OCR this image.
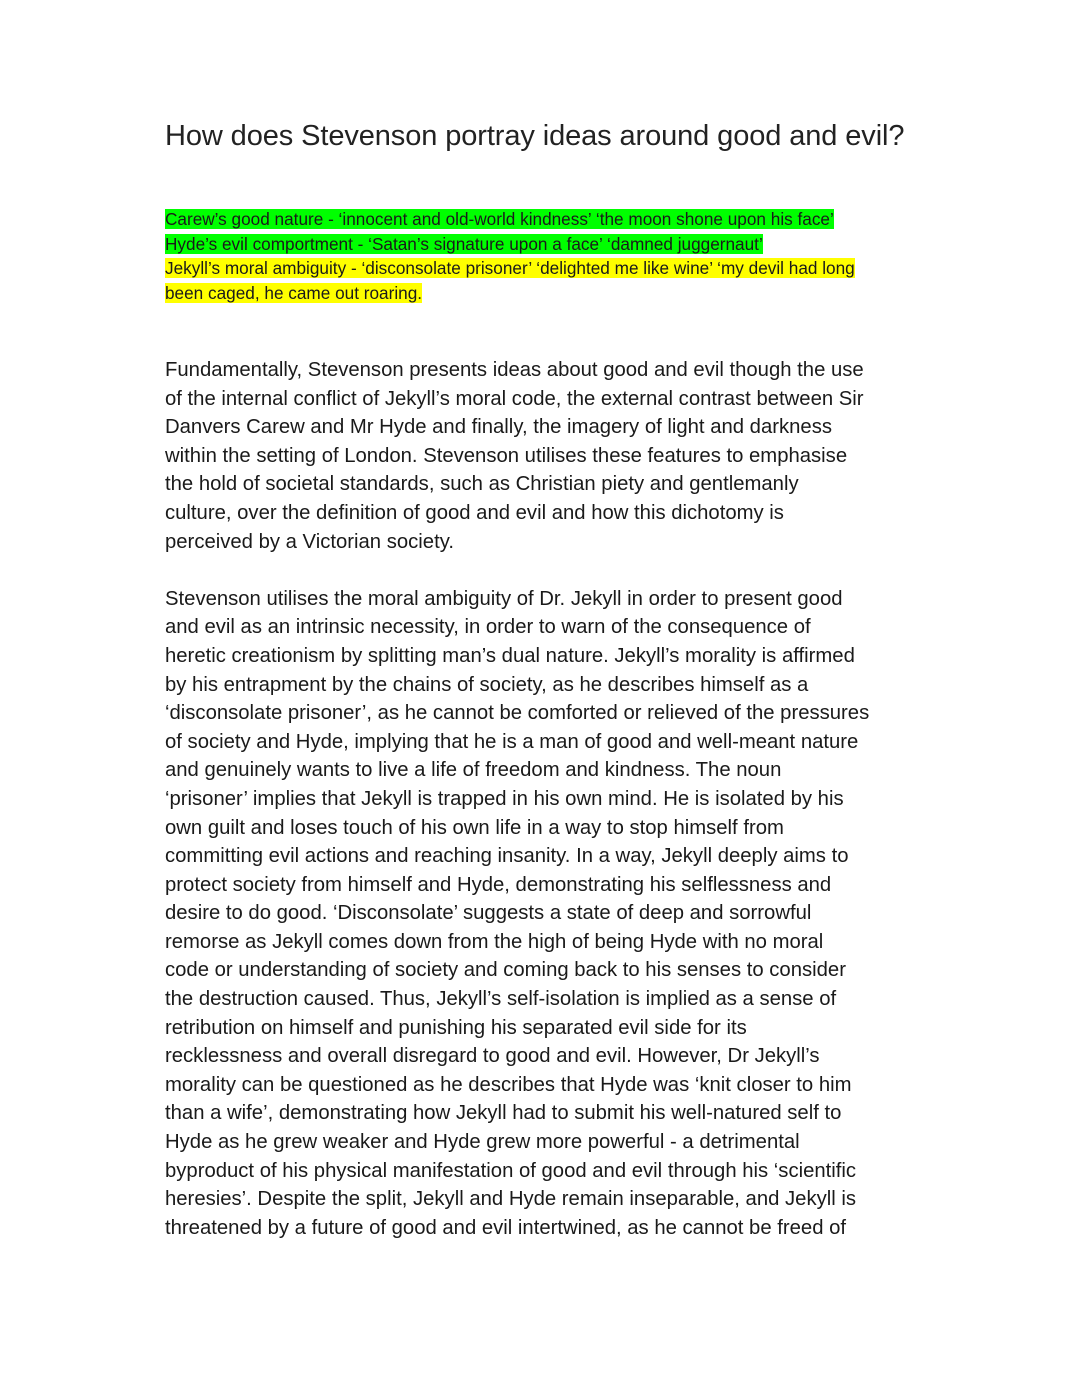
How does Stevenson portray ideas around good and evil?
Carew’s good nature - ‘innocent and old-world kindness’ ‘the moon shone upon his face’
Hyde’s evil comportment - ‘Satan’s signature upon a face’ ‘damned juggernaut’
Jekyll’s moral ambiguity - ‘disconsolate prisoner’ ‘delighted me like wine’ ‘my devil had long
been caged, he came out roaring.

Fundamentally, Stevenson presents ideas about good and evil though the use
of the internal conflict of Jekyll’s moral code, the external contrast between Sir
Danvers Carew and Mr Hyde and finally, the imagery of light and darkness
within the setting of London. Stevenson utilises these features to emphasise
the hold of societal standards, such as Christian piety and gentlemanly
culture, over the definition of good and evil and how this dichotomy is
perceived by a Victorian society.

Stevenson utilises the moral ambiguity of Dr. Jekyll in order to present good
and evil as an intrinsic necessity, in order to warn of the consequence of
heretic creationism by splitting man’s dual nature. Jekyll’s morality is affirmed
by his entrapment by the chains of society, as he describes himself as a
‘disconsolate prisoner’, as he cannot be comforted or relieved of the pressures
of society and Hyde, implying that he is a man of good and well-meant nature
and genuinely wants to live a life of freedom and kindness. The noun
‘prisoner’ implies that Jekyll is trapped in his own mind. He is isolated by his
own guilt and loses touch of his own life in a way to stop himself from
committing evil actions and reaching insanity. In a way, Jekyll deeply aims to
protect society from himself and Hyde, demonstrating his selflessness and
desire to do good. ‘Disconsolate’ suggests a state of deep and sorrowful
remorse as Jekyll comes down from the high of being Hyde with no moral
code or understanding of society and coming back to his senses to consider
the destruction caused. Thus, Jekyll’s self-isolation is implied as a sense of
retribution on himself and punishing his separated evil side for its
recklessness and overall disregard to good and evil. However, Dr Jekyll’s
morality can be questioned as he describes that Hyde was ‘knit closer to him
than a wife’, demonstrating how Jekyll had to submit his well-natured self to
Hyde as he grew weaker and Hyde grew more powerful - a detrimental
byproduct of his physical manifestation of good and evil through his ‘scientific
heresies’. Despite the split, Jekyll and Hyde remain inseparable, and Jekyll is
threatened by a future of good and evil intertwined, as he cannot be freed of
